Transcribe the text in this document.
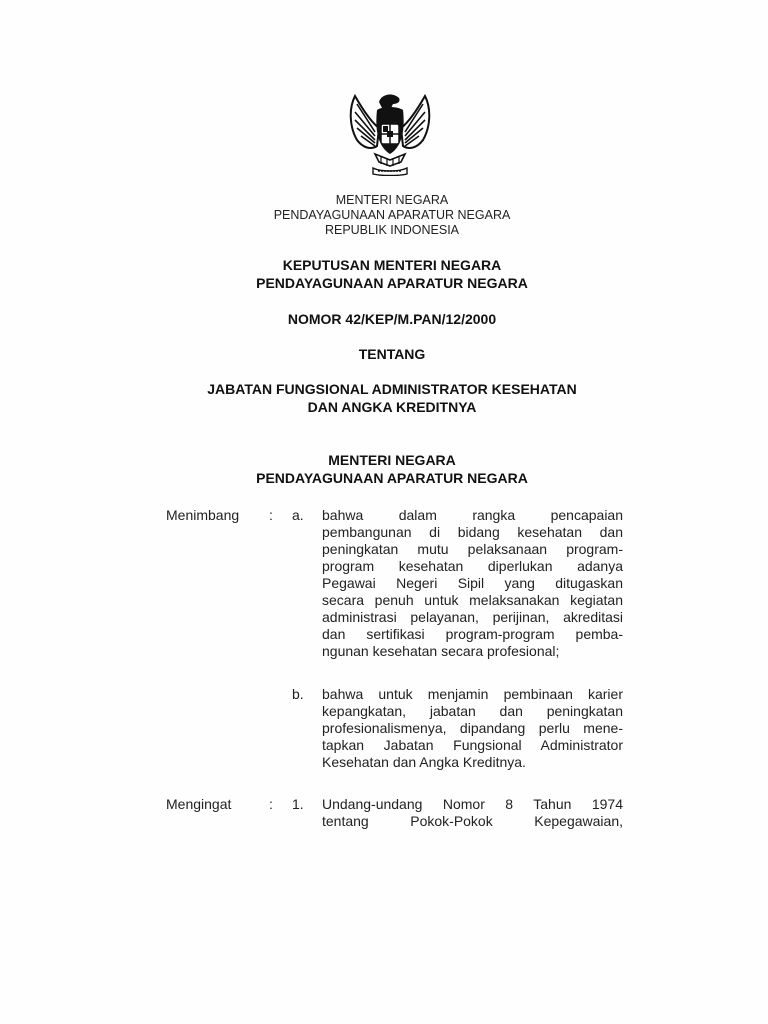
MENTERI NEGARA
PENDAYAGUNAAN APARATUR NEGARA
REPUBLIK INDONESIA
KEPUTUSAN MENTERI NEGARA
PENDAYAGUNAAN APARATUR NEGARA
NOMOR 42/KEP/M.PAN/12/2000
TENTANG
JABATAN FUNGSIONAL ADMINISTRATOR KESEHATAN
DAN ANGKA KREDITNYA
MENTERI NEGARA
PENDAYAGUNAAN APARATUR NEGARA
Menimbang : a. bahwa dalam rangka pencapaian
pembangunan di bidang kesehatan dan
peningkatan mutu pelaksanaan program-
program kesehatan diperlukan adanya
Pegawai Negeri Sipil yang ditugaskan
secara penuh untuk melaksanakan kegiatan
administrasi pelayanan, perijinan, akreditasi
dan sertifikasi program-program pemba-
ngunan kesehatan secara profesional;
b. bahwa untuk menjamin pembinaan karier
kepangkatan, jabatan dan peningkatan
profesionalismenya, dipandang perlu mene-
tapkan Jabatan Fungsional Administrator
Kesehatan dan Angka Kreditnya.
Mengingat	: 1. Undang-undang Nomor 8 Tahun 1974
tentang Pokok-Pokok Kepegawaian,
